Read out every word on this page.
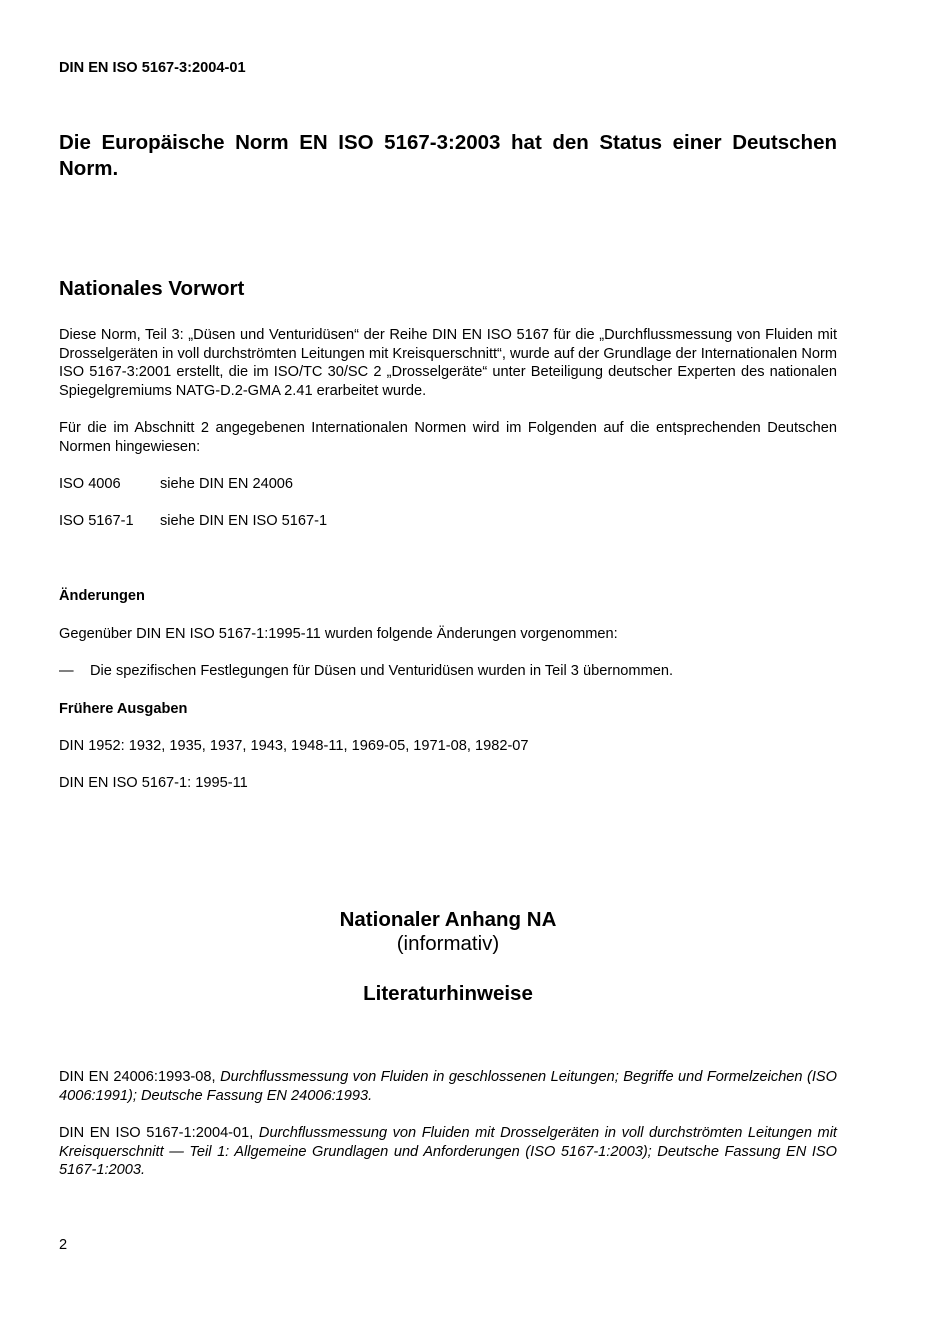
DIN EN ISO 5167-3:2004-01
Die Europäische Norm EN ISO 5167-3:2003 hat den Status einer Deutschen Norm.
Nationales Vorwort
Diese Norm, Teil 3: „Düsen und Venturidüsen“ der Reihe DIN EN ISO 5167 für die „Durchflussmessung von Fluiden mit Drosselgeräten in voll durchströmten Leitungen mit Kreisquerschnitt“, wurde auf der Grundlage der Internationalen Norm ISO 5167-3:2001 erstellt, die im ISO/TC 30/SC 2 „Drosselgeräte“ unter Beteiligung deutscher Experten des nationalen Spiegelgremiums NATG-D.2-GMA 2.41 erarbeitet wurde.
Für die im Abschnitt 2 angegebenen Internationalen Normen wird im Folgenden auf die entsprechenden Deutschen Normen hingewiesen:
ISO 4006	siehe DIN EN 24006
ISO 5167-1	siehe DIN EN ISO 5167-1
Änderungen
Gegenüber DIN EN ISO 5167-1:1995-11 wurden folgende Änderungen vorgenommen:
—	Die spezifischen Festlegungen für Düsen und Venturidüsen wurden in Teil 3 übernommen.
Frühere Ausgaben
DIN 1952: 1932, 1935, 1937, 1943, 1948-11, 1969-05, 1971-08, 1982-07
DIN EN ISO 5167-1: 1995-11
Nationaler Anhang NA
(informativ)
Literaturhinweise
DIN EN 24006:1993-08, Durchflussmessung von Fluiden in geschlossenen Leitungen; Begriffe und Formelzeichen (ISO 4006:1991); Deutsche Fassung EN 24006:1993.
DIN EN ISO 5167-1:2004-01, Durchflussmessung von Fluiden mit Drosselgeräten in voll durchströmten Leitungen mit Kreisquerschnitt — Teil 1: Allgemeine Grundlagen und Anforderungen (ISO 5167-1:2003); Deutsche Fassung EN ISO 5167-1:2003.
2
